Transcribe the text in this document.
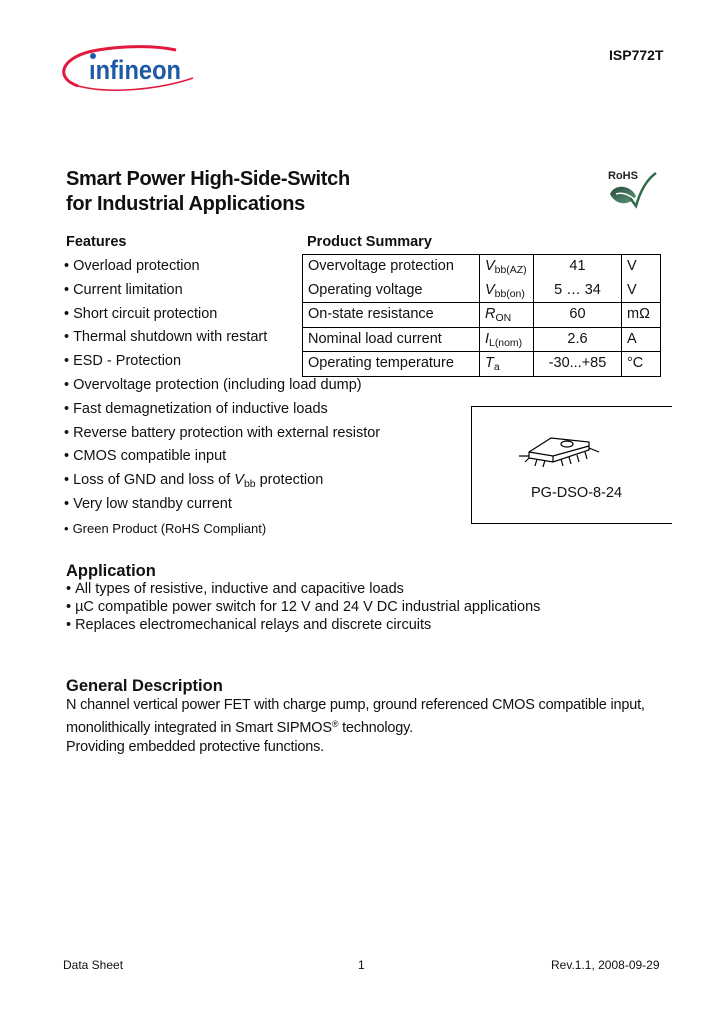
ınfineon	ISP772T
Smart Power High-Side-Switch
for Industrial Applications
RoHS
Features
• Overload protection
• Current limitation
• Short circuit protection
• Thermal shutdown with restart
• ESD - Protection
• Overvoltage protection (including load dump)
• Fast demagnetization of inductive loads
• Reverse battery protection with external resistor
• CMOS compatible input
• Loss of GND and loss of $V_{bb}$ protection
• Very low standby current
• Green Product (RoHS Compliant)
Product Summary
Overvoltage protection	$V_{bb(AZ)}$	41	V
Operating voltage	$V_{bb(on)}$	5 … 34	V
On-state resistance	$R_{ON}$	60	mΩ
Nominal load current	$I_{L(nom)}$	2.6	A
Operating temperature	$T_a$	-30...+85	°C
PG-DSO-8-24
Application
• All types of resistive, inductive and capacitive loads
• µC compatible power switch for 12 V and 24 V DC industrial applications
• Replaces electromechanical relays and discrete circuits
General Description
N channel vertical power FET with charge pump, ground referenced CMOS compatible input,
monolithically integrated in Smart SIPMOS® technology.
Providing embedded protective functions.
Data Sheet	1	Rev.1.1, 2008-09-29
